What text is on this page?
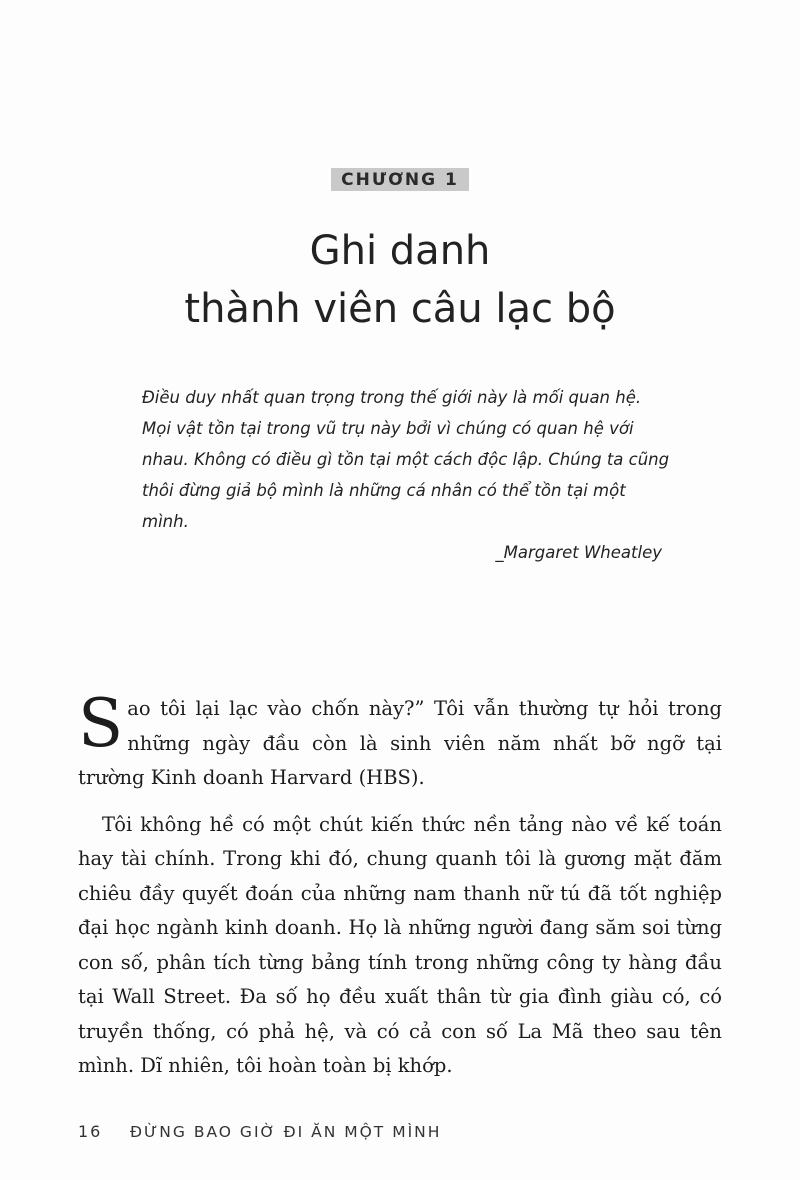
CHƯƠNG 1
Ghi danh
thành viên câu lạc bộ

Điều duy nhất quan trọng trong thế giới này là mối quan hệ. Mọi vật tồn tại trong vũ trụ này bởi vì chúng có quan hệ với nhau. Không có điều gì tồn tại một cách độc lập. Chúng ta cũng thôi đừng giả bộ mình là những cá nhân có thể tồn tại một mình.

_Margaret Wheatley

Sao tôi lại lạc vào chốn này?” Tôi vẫn thường tự hỏi trong những ngày đầu còn là sinh viên năm nhất bỡ ngỡ tại trường Kinh doanh Harvard (HBS).

Tôi không hề có một chút kiến thức nền tảng nào về kế toán hay tài chính. Trong khi đó, chung quanh tôi là gương mặt đăm chiêu đầy quyết đoán của những nam thanh nữ tú đã tốt nghiệp đại học ngành kinh doanh. Họ là những người đang săm soi từng con số, phân tích từng bảng tính trong những công ty hàng đầu tại Wall Street. Đa số họ đều xuất thân từ gia đình giàu có, có truyền thống, có phả hệ, và có cả con số La Mã theo sau tên mình. Dĩ nhiên, tôi hoàn toàn bị khớp.

16 ĐỪNG BAO GIỜ ĐI ĂN MỘT MÌNH
